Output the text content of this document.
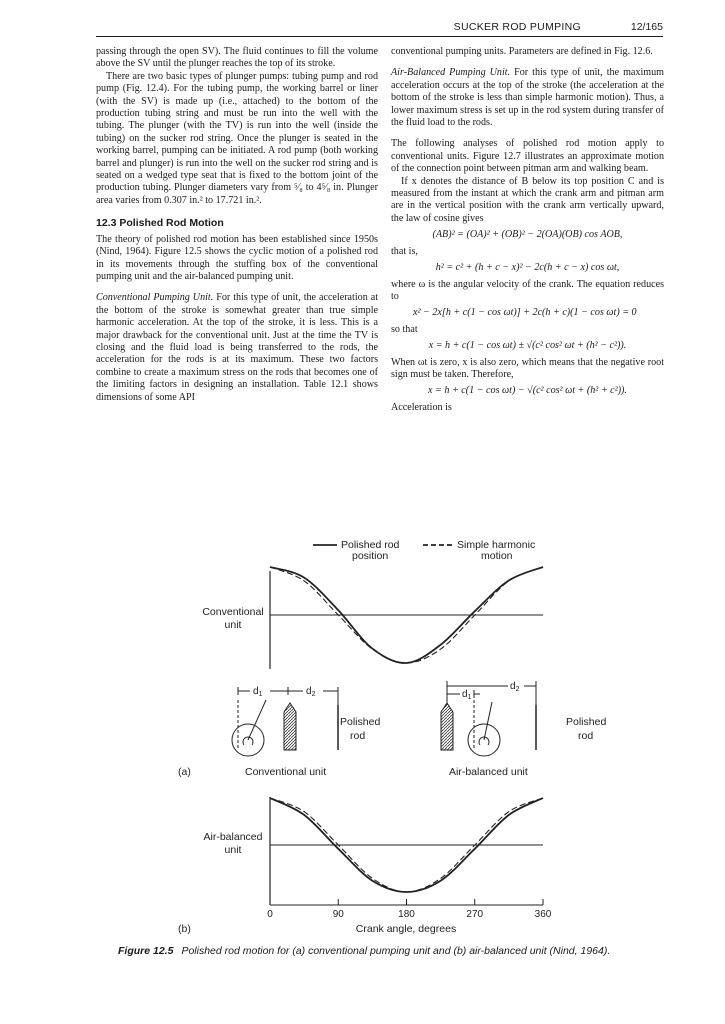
SUCKER ROD PUMPING	12/165

passing through the open SV). The fluid continues to fill the volume above the SV until the plunger reaches the top of its stroke.

There are two basic types of plunger pumps: tubing pump and rod pump (Fig. 12.4). For the tubing pump, the working barrel or liner (with the SV) is made up (i.e., attached) to the bottom of the production tubing string and must be run into the well with the tubing. The plunger (with the TV) is run into the well (inside the tubing) on the sucker rod string. Once the plunger is seated in the working barrel, pumping can be initiated. A rod pump (both working barrel and plunger) is run into the well on the sucker rod string and is seated on a wedged type seat that is fixed to the bottom joint of the production tubing. Plunger diameters vary from ⁵⁄₈ to 4⁵⁄₈ in. Plunger area varies from 0.307 in.² to 17.721 in.².

12.3 Polished Rod Motion

The theory of polished rod motion has been established since 1950s (Nind, 1964). Figure 12.5 shows the cyclic motion of a polished rod in its movements through the stuffing box of the conventional pumping unit and the air-balanced pumping unit.

Conventional Pumping Unit. For this type of unit, the acceleration at the bottom of the stroke is somewhat greater than true simple harmonic acceleration. At the top of the stroke, it is less. This is a major drawback for the conventional unit. Just at the time the TV is closing and the fluid load is being transferred to the rods, the acceleration for the rods is at its maximum. These two factors combine to create a maximum stress on the rods that becomes one of the limiting factors in designing an installation. Table 12.1 shows dimensions of some API

conventional pumping units. Parameters are defined in Fig. 12.6.

Air-Balanced Pumping Unit. For this type of unit, the maximum acceleration occurs at the top of the stroke (the acceleration at the bottom of the stroke is less than simple harmonic motion). Thus, a lower maximum stress is set up in the rod system during transfer of the fluid load to the rods.

The following analyses of polished rod motion apply to conventional units. Figure 12.7 illustrates an approximate motion of the connection point between pitman arm and walking beam.

If x denotes the distance of B below its top position C and is measured from the instant at which the crank arm and pitman arm are in the vertical position with the crank arm vertically upward, the law of cosine gives

(AB)² = (OA)² + (OB)² − 2(OA)(OB) cos AOB,

that is,

h² = c² + (h + c − x)² − 2c(h + c − x) cos ωt,

where ω is the angular velocity of the crank. The equation reduces to

x² − 2x[h + c(1 − cos ωt)] + 2c(h + c)(1 − cos ωt) = 0

so that

x = h + c(1 − cos ωt) ± √(c² cos² ωt + (h² − c²)).

When ωt is zero, x is also zero, which means that the negative root sign must be taken. Therefore,

x = h + c(1 − cos ωt) − √(c² cos² ωt + (h² + c²)).

Acceleration is

Polished rod
position
Simple harmonic
motion
Conventional
unit
$d_1$	$d_2$
Polished
rod
Conventional unit
(a)
$d_1$
$d_2$
Polished
rod
Air-balanced unit
0	90	180	270	360
Air-balanced
unit
(b)	Crank angle, degrees
Figure 12.5 Polished rod motion for (a) conventional pumping unit and (b) air-balanced unit (Nind, 1964).
